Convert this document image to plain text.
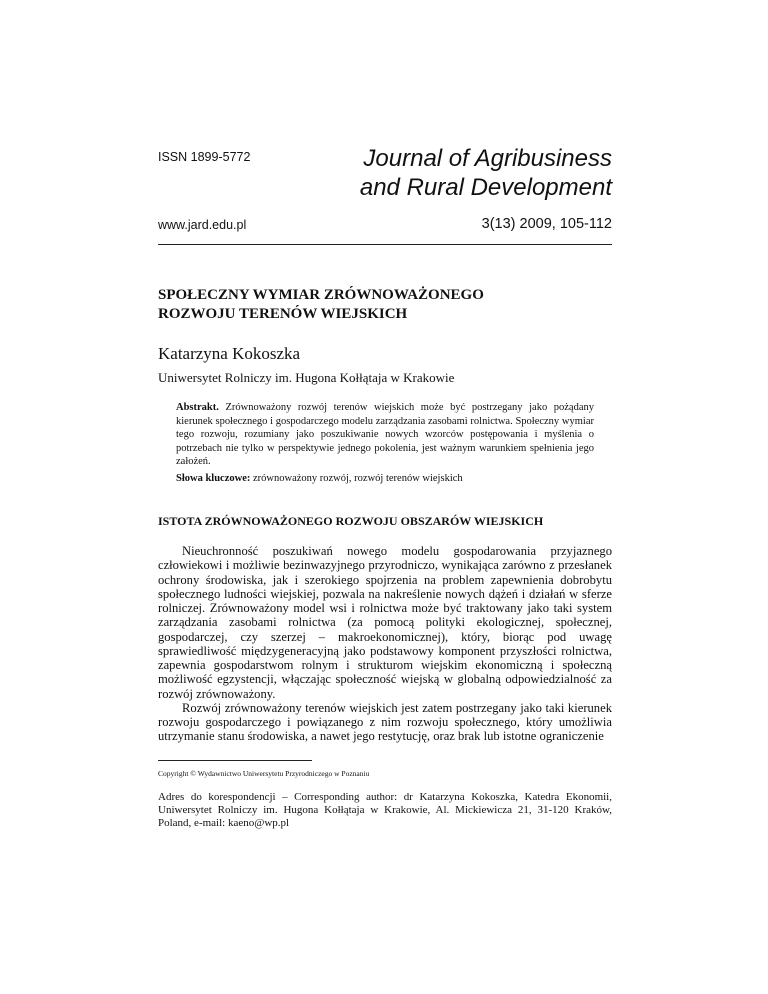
ISSN 1899-5772	Journal of Agribusiness
and Rural Development
www.jard.edu.pl	3(13) 2009, 105-112
SPOŁECZNY WYMIAR ZRÓWNOWAŻONEGO
ROZWOJU TERENÓW WIEJSKICH

Katarzyna Kokoszka

Uniwersytet Rolniczy im. Hugona Kołłątaja w Krakowie

Abstrakt. Zrównoważony rozwój terenów wiejskich może być postrzegany jako pożądany kierunek społecznego i gospodarczego modelu zarządzania zasobami rolnictwa. Społeczny wymiar tego rozwoju, rozumiany jako poszukiwanie nowych wzorców postępowania i myślenia o potrzebach nie tylko w perspektywie jednego pokolenia, jest ważnym warunkiem spełnienia jego założeń.

Słowa kluczowe: zrównoważony rozwój, rozwój terenów wiejskich

ISTOTA ZRÓWNOWAŻONEGO ROZWOJU OBSZARÓW WIEJSKICH

Nieuchronność poszukiwań nowego modelu gospodarowania przyjaznego człowiekowi i możliwie bezinwazyjnego przyrodniczo, wynikająca zarówno z przesłanek ochrony środowiska, jak i szerokiego spojrzenia na problem zapewnienia dobrobytu społecznego ludności wiejskiej, pozwala na nakreślenie nowych dążeń i działań w sferze rolniczej. Zrównoważony model wsi i rolnictwa może być traktowany jako taki system zarządzania zasobami rolnictwa (za pomocą polityki ekologicznej, społecznej, gospodarczej, czy szerzej – makroekonomicznej), który, biorąc pod uwagę sprawiedliwość międzygeneracyjną jako podstawowy komponent przyszłości rolnictwa, zapewnia gospodarstwom rolnym i strukturom wiejskim ekonomiczną i społeczną możliwość egzystencji, włączając społeczność wiejską w globalną odpowiedzialność za rozwój zrównoważony.

Rozwój zrównoważony terenów wiejskich jest zatem postrzegany jako taki kierunek rozwoju gospodarczego i powiązanego z nim rozwoju społecznego, który umożliwia utrzymanie stanu środowiska, a nawet jego restytucję, oraz brak lub istotne ograniczenie

Copyright © Wydawnictwo Uniwersytetu Przyrodniczego w Poznaniu

Adres do korespondencji – Corresponding author: dr Katarzyna Kokoszka, Katedra Ekonomii, Uniwersytet Rolniczy im. Hugona Kołłątaja w Krakowie, Al. Mickiewicza 21, 31-120 Kraków, Poland, e-mail: kaeno@wp.pl
